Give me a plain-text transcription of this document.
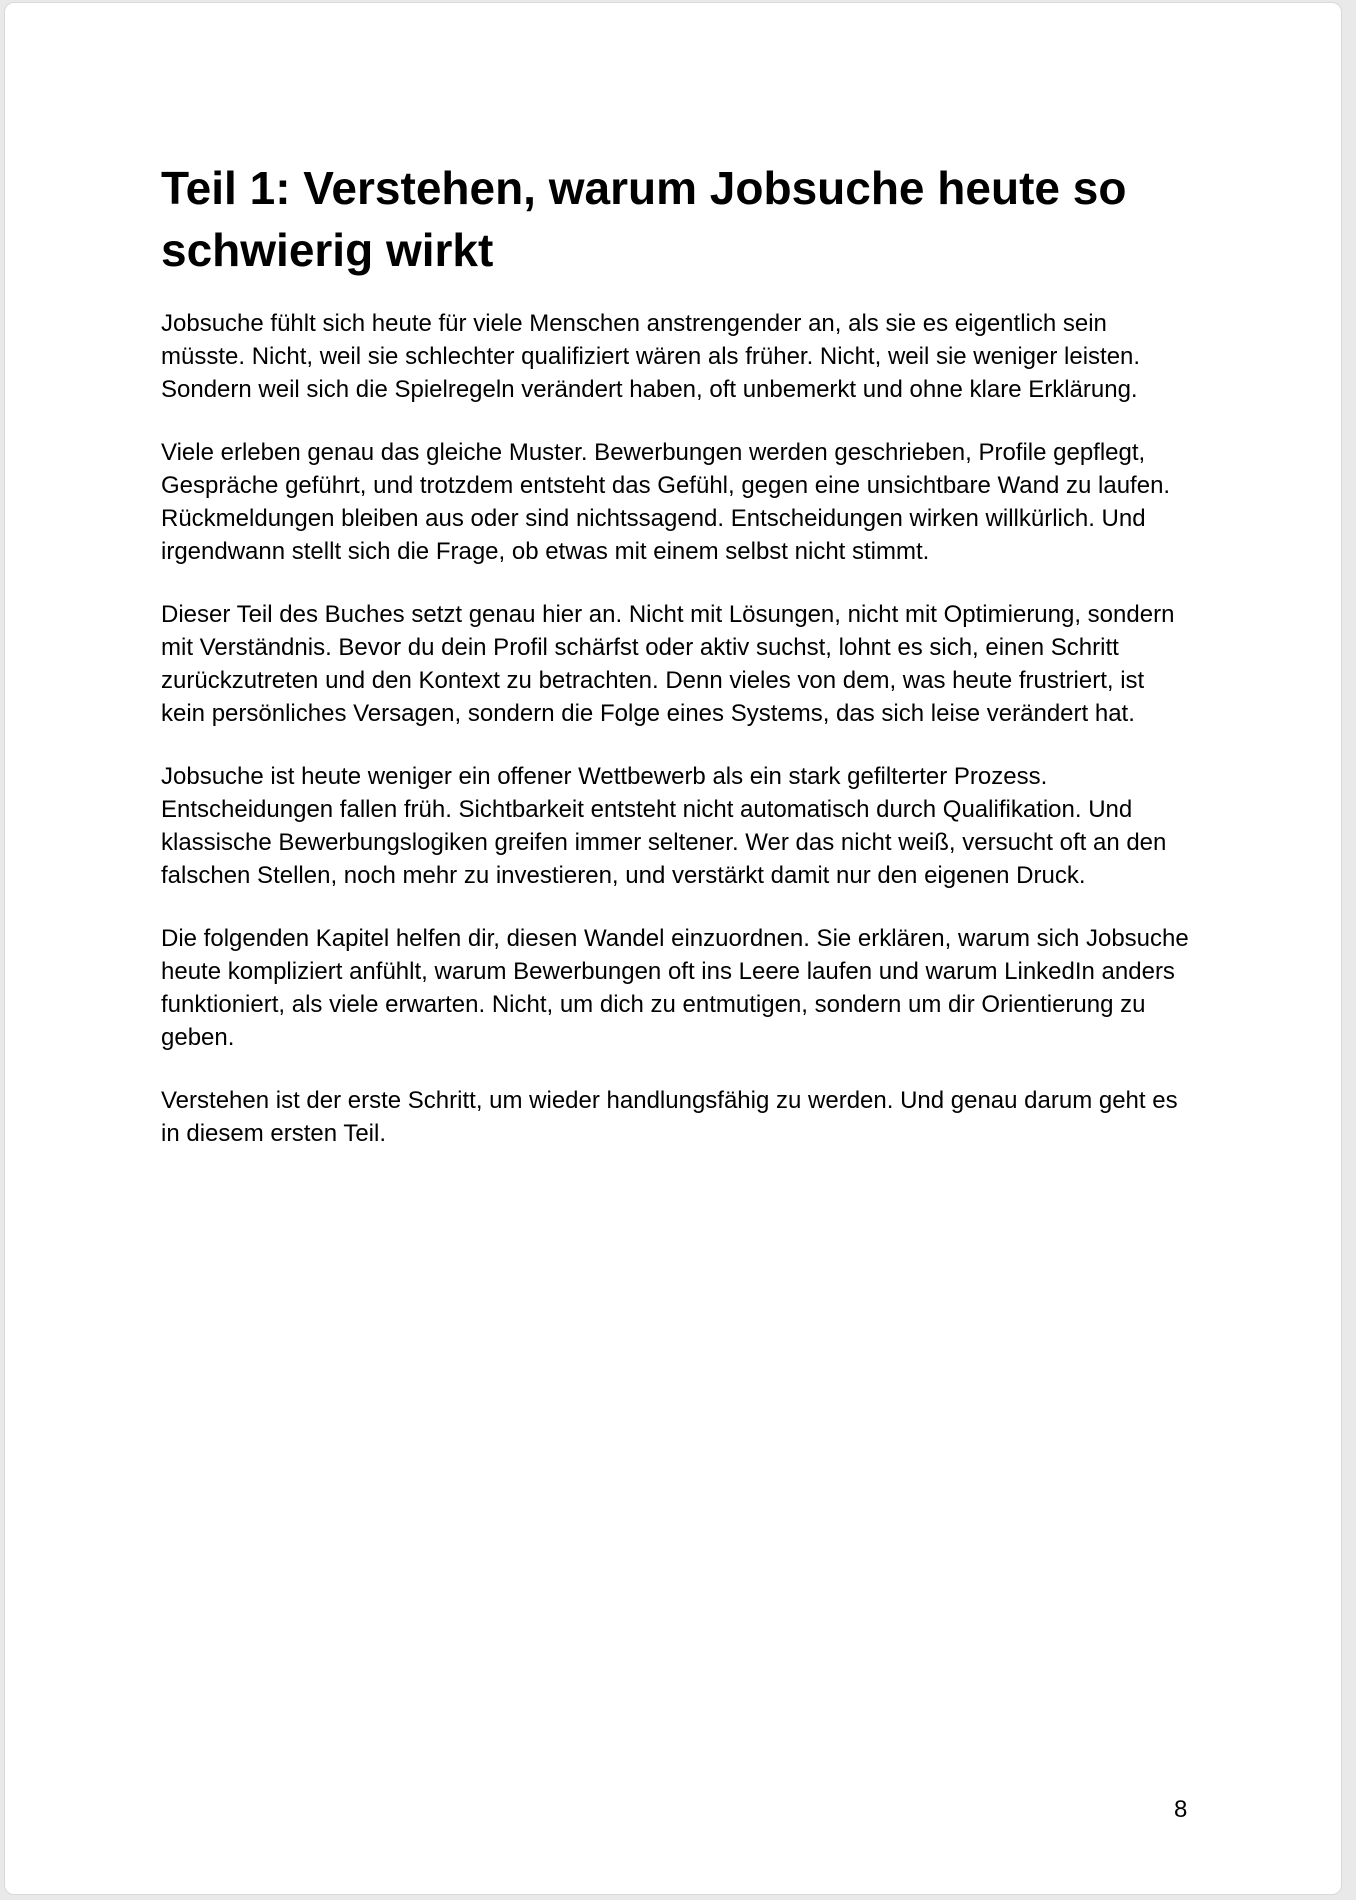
Teil 1: Verstehen, warum Jobsuche heute so
schwierig wirkt

Jobsuche fühlt sich heute für viele Menschen anstrengender an, als sie es eigentlich sein müsste. Nicht, weil sie schlechter qualifiziert wären als früher. Nicht, weil sie weniger leisten. Sondern weil sich die Spielregeln verändert haben, oft unbemerkt und ohne klare Erklärung.

Viele erleben genau das gleiche Muster. Bewerbungen werden geschrieben, Profile gepflegt, Gespräche geführt, und trotzdem entsteht das Gefühl, gegen eine unsichtbare Wand zu laufen. Rückmeldungen bleiben aus oder sind nichtssagend. Entscheidungen wirken willkürlich. Und irgendwann stellt sich die Frage, ob etwas mit einem selbst nicht stimmt.

Dieser Teil des Buches setzt genau hier an. Nicht mit Lösungen, nicht mit Optimierung, sondern mit Verständnis. Bevor du dein Profil schärfst oder aktiv suchst, lohnt es sich, einen Schritt zurückzutreten und den Kontext zu betrachten. Denn vieles von dem, was heute frustriert, ist kein persönliches Versagen, sondern die Folge eines Systems, das sich leise verändert hat.

Jobsuche ist heute weniger ein offener Wettbewerb als ein stark gefilterter Prozess. Entscheidungen fallen früh. Sichtbarkeit entsteht nicht automatisch durch Qualifikation. Und klassische Bewerbungslogiken greifen immer seltener. Wer das nicht weiß, versucht oft an den falschen Stellen, noch mehr zu investieren, und verstärkt damit nur den eigenen Druck.

Die folgenden Kapitel helfen dir, diesen Wandel einzuordnen. Sie erklären, warum sich Jobsuche heute kompliziert anfühlt, warum Bewerbungen oft ins Leere laufen und warum LinkedIn anders funktioniert, als viele erwarten. Nicht, um dich zu entmutigen, sondern um dir Orientierung zu geben.

Verstehen ist der erste Schritt, um wieder handlungsfähig zu werden. Und genau darum geht es in diesem ersten Teil.

8
